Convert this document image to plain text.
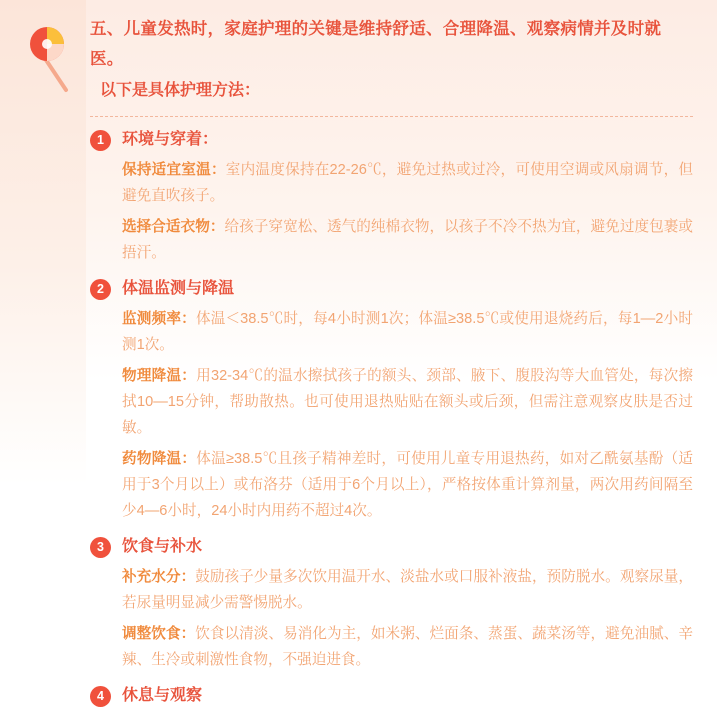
五、儿童发热时，家庭护理的关键是维持舒适、合理降温、观察病情并及时就医。
以下是具体护理方法：
1	环境与穿着：

保持适宜室温：室内温度保持在22-26℃，避免过热或过冷，可使用空调或风扇调节，但避免直吹孩子。

选择合适衣物：给孩子穿宽松、透气的纯棉衣物，以孩子不冷不热为宜，避免过度包裹或捂汗。

2	体温监测与降温

监测频率：体温＜38.5℃时，每4小时测1次；体温≥38.5℃或使用退烧药后，每1—2小时测1次。

物理降温：用32-34℃的温水擦拭孩子的额头、颈部、腋下、腹股沟等大血管处，每次擦拭10—15分钟，帮助散热。也可使用退热贴贴在额头或后颈，但需注意观察皮肤是否过敏。

药物降温：体温≥38.5℃且孩子精神差时，可使用儿童专用退热药，如对乙酰氨基酚（适用于3个月以上）或布洛芬（适用于6个月以上），严格按体重计算剂量，两次用药间隔至少4—6小时，24小时内用药不超过4次。

3	饮食与补水

补充水分：鼓励孩子少量多次饮用温开水、淡盐水或口服补液盐，预防脱水。观察尿量，若尿量明显减少需警惕脱水。

调整饮食：饮食以清淡、易消化为主，如米粥、烂面条、蒸蛋、蔬菜汤等，避免油腻、辛辣、生冷或刺激性食物，不强迫进食。

4	休息与观察
